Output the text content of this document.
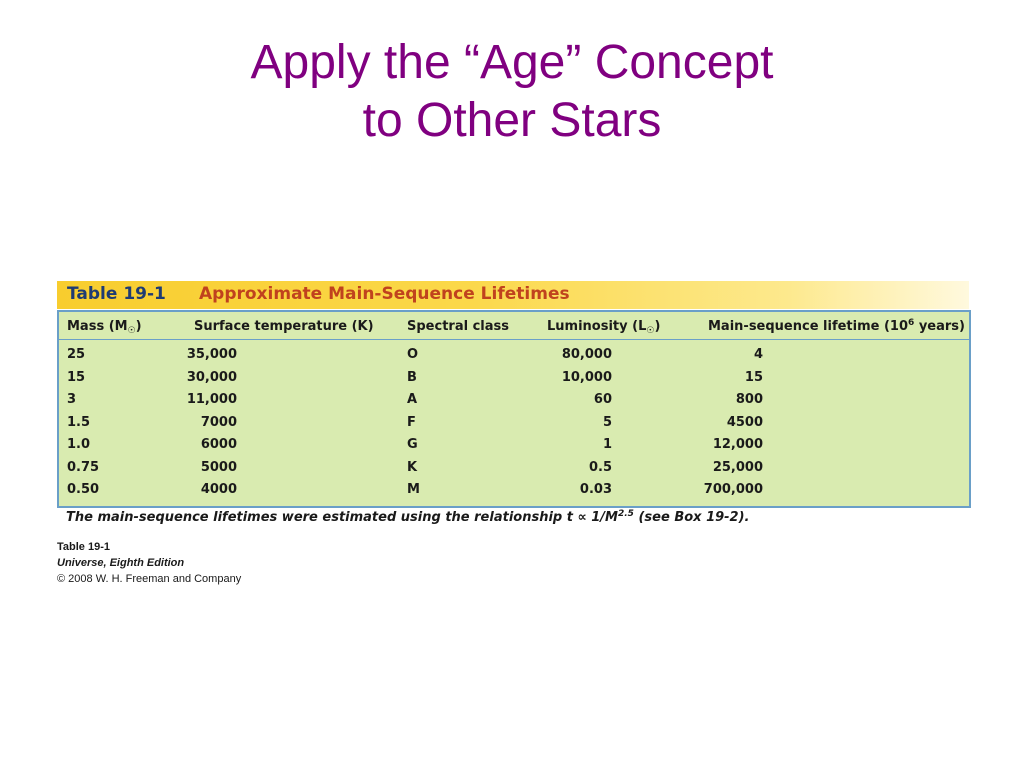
Apply the “Age” Concept
to Other Stars
Table 19-1 Approximate Main-Sequence Lifetimes
Mass $(M_☉)$	Surface temperature (K)	Spectral class	Luminosity $(L_☉)$	Main-sequence lifetime ($10^6$ years)
25	35,000	O	80,000	4
15	30,000	B	10,000	15
3	11,000	A	60	800
1.5	7000	F	5	4500
1.0	6000	G	1	12,000
0.75	5000	K	0.5	25,000
0.50	4000	M	0.03	700,000
The main-sequence lifetimes were estimated using the relationship $t \propto 1/M^{2.5}$ (see Box 19-2).
Table 19-1
Universe, Eighth Edition
© 2008 W. H. Freeman and Company
